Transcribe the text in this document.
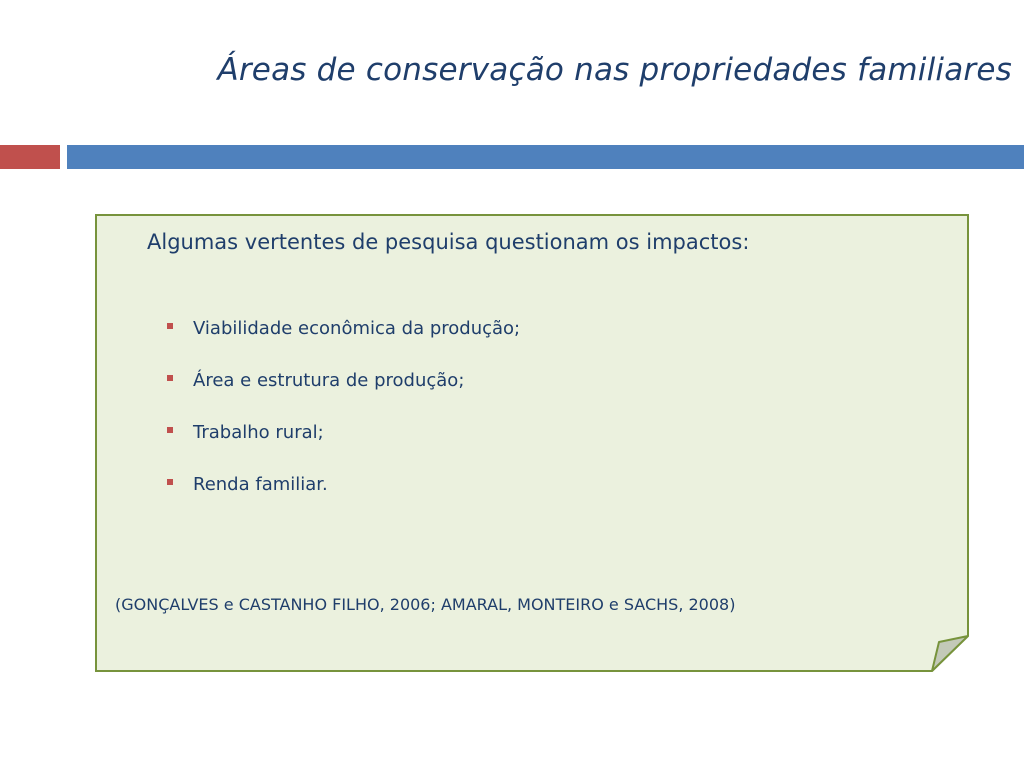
Áreas de conservação nas propriedades familiares

Algumas vertentes de pesquisa questionam os impactos:

Viabilidade econômica da produção;
Área e estrutura de produção;
Trabalho rural;
Renda familiar.

(GONÇALVES e CASTANHO FILHO, 2006; AMARAL, MONTEIRO e SACHS, 2008)
